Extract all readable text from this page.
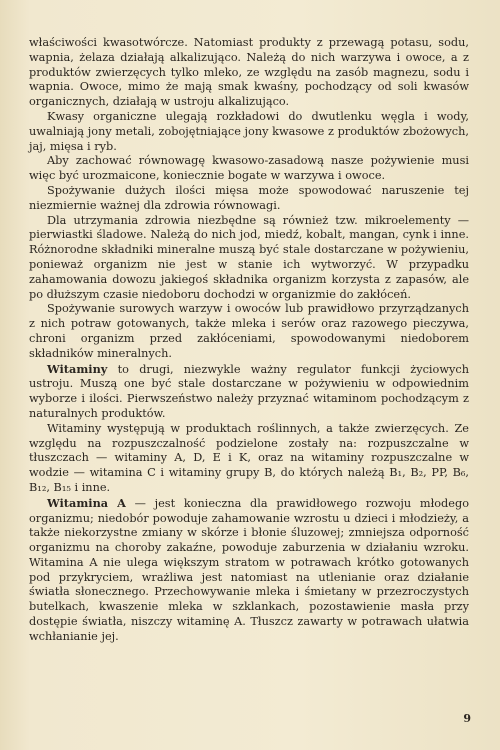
właściwości kwasotwórcze. Natomiast produkty z przewagą potasu, sodu, wapnia, żelaza działają alkalizująco. Należą do nich warzywa i owoce, a z produktów zwierzęcych tylko mleko, ze względu na zasób magnezu, sodu i wapnia. Owoce, mimo że mają smak kwaśny, pochodzący od soli kwasów organicznych, działają w ustroju alkalizująco.

Kwasy organiczne ulegają rozkładowi do dwutlenku węgla i wody, uwalniają jony metali, zobojętniające jony kwasowe z produktów zbożowych, jaj, mięsa i ryb.

Aby zachować równowagę kwasowo-zasadową nasze pożywienie musi więc być urozmaicone, koniecznie bogate w warzywa i owoce.

Spożywanie dużych ilości mięsa może spowodować naruszenie tej niezmiernie ważnej dla zdrowia równowagi.

Dla utrzymania zdrowia niezbędne są również tzw. mikroelementy — pierwiastki śladowe. Należą do nich jod, miedź, kobalt, mangan, cynk i inne. Różnorodne składniki mineralne muszą być stale dostarczane w pożywieniu, ponieważ organizm nie jest w stanie ich wytworzyć. W przypadku zahamowania dowozu jakiegoś składnika organizm korzysta z zapasów, ale po dłuższym czasie niedoboru dochodzi w organizmie do zakłóceń.

Spożywanie surowych warzyw i owoców lub prawidłowo przyrządzanych z nich potraw gotowanych, także mleka i serów oraz razowego pieczywa, chroni organizm przed zakłóceniami, spowodowanymi niedoborem składników mineralnych.

Witaminy to drugi, niezwykle ważny regulator funkcji życiowych ustroju. Muszą one być stale dostarczane w pożywieniu w odpowiednim wyborze i ilości. Pierwszeństwo należy przyznać witaminom pochodzącym z naturalnych produktów.

Witaminy występują w produktach roślinnych, a także zwierzęcych. Ze względu na rozpuszczalność podzielone zostały na: rozpuszczalne w tłuszczach — witaminy A, D, E i K, oraz na witaminy rozpuszczalne w wodzie — witamina C i witaminy grupy B, do których należą B₁, B₂, PP, B₆, B₁₂, B₁₅ i inne.

Witamina A — jest konieczna dla prawidłowego rozwoju młodego organizmu; niedobór powoduje zahamowanie wzrostu u dzieci i młodzieży, a także niekorzystne zmiany w skórze i błonie śluzowej; zmniejsza odporność organizmu na choroby zakaźne, powoduje zaburzenia w działaniu wzroku. Witamina A nie ulega większym stratom w potrawach krótko gotowanych pod przykryciem, wrażliwa jest natomiast na utlenianie oraz działanie światła słonecznego. Przechowywanie mleka i śmietany w przezroczystych butelkach, kwaszenie mleka w szklankach, pozostawienie masła przy dostępie światła, niszczy witaminę A. Tłuszcz zawarty w potrawach ułatwia wchłanianie jej.

9
